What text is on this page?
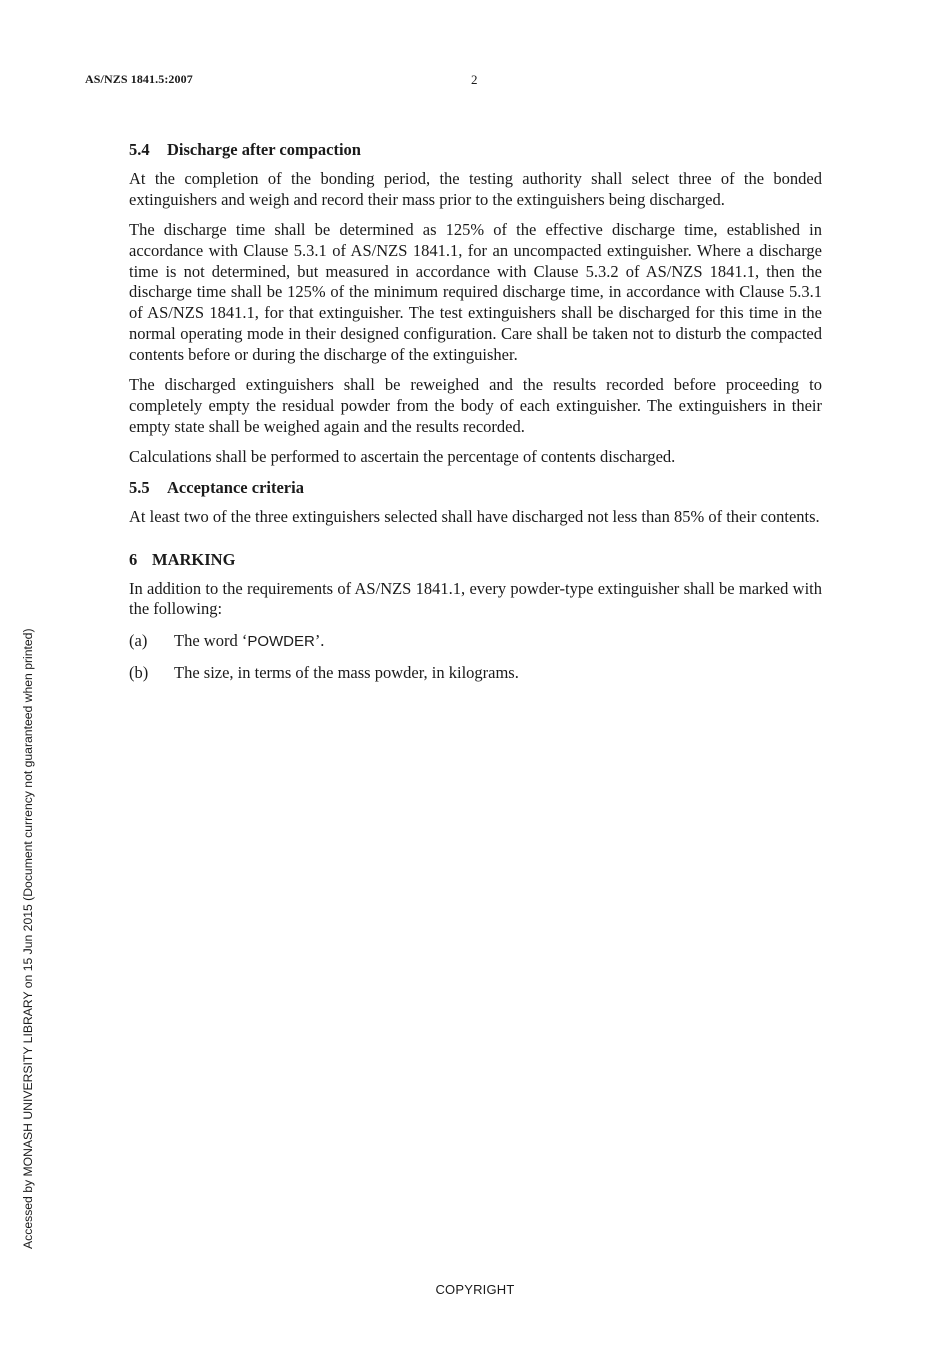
AS/NZS 1841.5:2007	2
5.4 Discharge after compaction

At the completion of the bonding period, the testing authority shall select three of the bonded extinguishers and weigh and record their mass prior to the extinguishers being discharged.

The discharge time shall be determined as 125% of the effective discharge time, established in accordance with Clause 5.3.1 of AS/NZS 1841.1, for an uncompacted extinguisher. Where a discharge time is not determined, but measured in accordance with Clause 5.3.2 of AS/NZS 1841.1, then the discharge time shall be 125% of the minimum required discharge time, in accordance with Clause 5.3.1 of AS/NZS 1841.1, for that extinguisher. The test extinguishers shall be discharged for this time in the normal operating mode in their designed configuration. Care shall be taken not to disturb the compacted contents before or during the discharge of the extinguisher.

The discharged extinguishers shall be reweighed and the results recorded before proceeding to completely empty the residual powder from the body of each extinguisher. The extinguishers in their empty state shall be weighed again and the results recorded.

Calculations shall be performed to ascertain the percentage of contents discharged.

5.5 Acceptance criteria

At least two of the three extinguishers selected shall have discharged not less than 85% of their contents.

6 MARKING

In addition to the requirements of AS/NZS 1841.1, every powder-type extinguisher shall be marked with the following:

(a)	The word ‘POWDER’.
(b)	The size, in terms of the mass powder, in kilograms.
Accessed by MONASH UNIVERSITY LIBRARY on 15 Jun 2015 (Document currency not guaranteed when printed)
COPYRIGHT
